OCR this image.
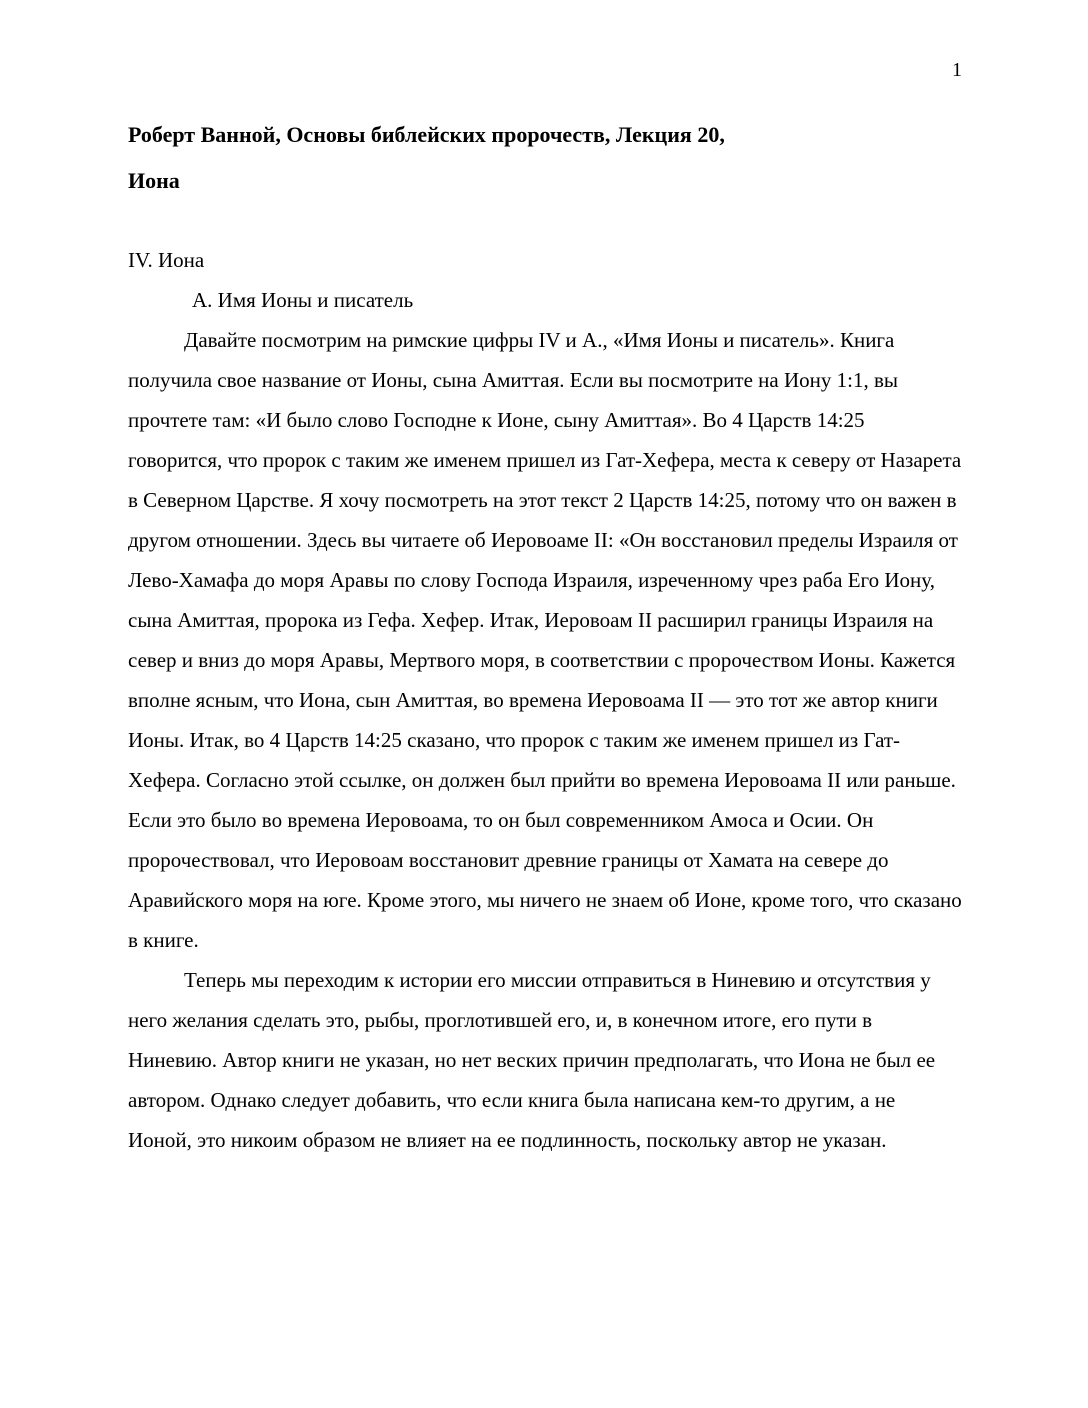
1
Роберт Ванной, Основы библейских пророчеств, Лекция 20,
Иона
IV. Иона
А. Имя Ионы и писатель

Давайте посмотрим на римские цифры IV и А., «Имя Ионы и писатель». Книга получила свое название от Ионы, сына Амиттая. Если вы посмотрите на Иону 1:1, вы прочтете там: «И было слово Господне к Ионе, сыну Амиттая». Во 4 Царств 14:25 говорится, что пророк с таким же именем пришел из Гат-Хефера, места к северу от Назарета в Северном Царстве. Я хочу посмотреть на этот текст 2 Царств 14:25, потому что он важен в другом отношении. Здесь вы читаете об Иеровоаме II: «Он восстановил пределы Израиля от Лево-Хамафа до моря Аравы по слову Господа Израиля, изреченному чрез раба Его Иону, сына Амиттая, пророка из Гефа. Хефер. Итак, Иеровоам II расширил границы Израиля на север и вниз до моря Аравы, Мертвого моря, в соответствии с пророчеством Ионы. Кажется вполне ясным, что Иона, сын Амиттая, во времена Иеровоама II — это тот же автор книги Ионы. Итак, во 4 Царств 14:25 сказано, что пророк с таким же именем пришел из Гат-Хефера. Согласно этой ссылке, он должен был прийти во времена Иеровоама II или раньше. Если это было во времена Иеровоама, то он был современником Амоса и Осии. Он пророчествовал, что Иеровоам восстановит древние границы от Хамата на севере до Аравийского моря на юге. Кроме этого, мы ничего не знаем об Ионе, кроме того, что сказано в книге.

Теперь мы переходим к истории его миссии отправиться в Ниневию и отсутствия у него желания сделать это, рыбы, проглотившей его, и, в конечном итоге, его пути в Ниневию. Автор книги не указан, но нет веских причин предполагать, что Иона не был ее автором. Однако следует добавить, что если книга была написана кем-то другим, а не Ионой, это никоим образом не влияет на ее подлинность, поскольку автор не указан.
